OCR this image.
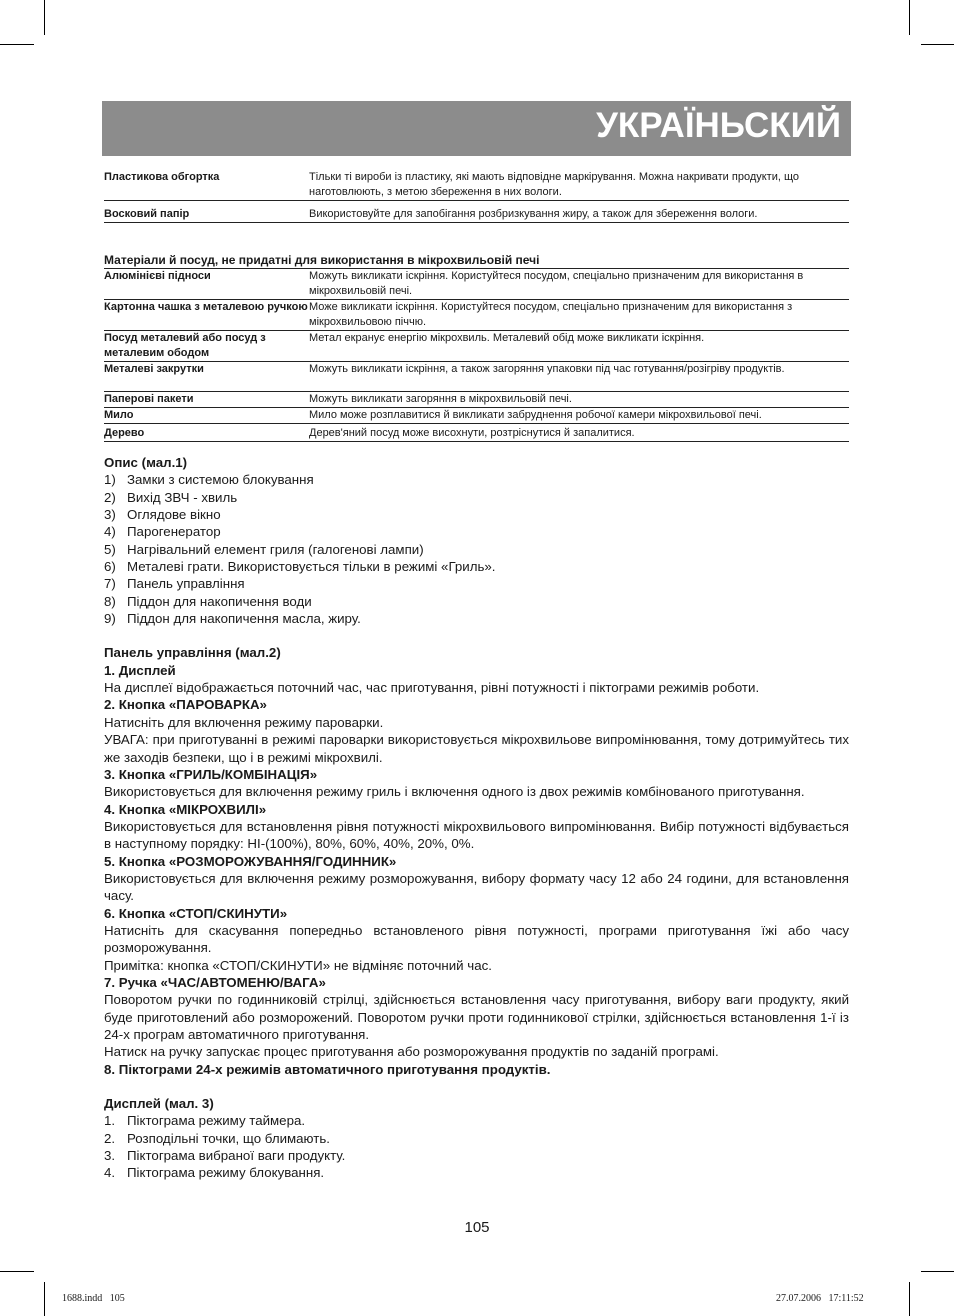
УКРАЇНЬСКИЙ
Пластикова обгортка	Тільки ті вироби із пластику, які мають відповідне маркірування. Можна накривати продукти, що наготовлюють, з метою збереження в них вологи.
Восковий папір	Використовуйте для запобігання розбризкування жиру, а також для збереження вологи.
Матеріали й посуд, не придатні для використання в мікрохвильовій печі
Алюмінієві підноси	Можуть викликати іскріння. Користуйтеся посудом, спеціально призначеним для використання в мікрохвильовій печі.
Картонна чашка з металевою ручкою	Може викликати іскріння. Користуйтеся посудом, спеціально призначеним для використання з мікрохвильовою піччю.
Посуд металевий або посуд з металевим ободом	Метал екранує енергію мікрохвиль. Металевий обід може викликати іскріння.
Металеві закрутки	Можуть викликати іскріння, а також загоряння упаковки під час готування/розігріву продуктів.
Паперові пакети	Можуть викликати загоряння в мікрохвильовій печі.
Мило	Мило може розплавитися й викликати забруднення робочої камери мікрохвильової печі.
Дерево	Дерев'яний посуд може висохнути, розтріснутися й запалитися.
Опис (мал.1)
1) Замки з системою блокування
2) Вихід ЗВЧ - хвиль
3) Оглядове вікно
4) Парогенератор
5) Нагрівальний елемент гриля (галогенові лампи)
6) Металеві грати. Використовується тільки в режимі «Гриль».
7) Панель управління
8) Піддон для накопичення води
9) Піддон для накопичення масла, жиру.
Панель управління (мал.2)
1. Дисплей
На дисплеї відображається поточний час, час приготування, рівні потужності і піктограми режимів роботи.
2. Кнопка «ПАРОВАРКА»
Натисніть для включення режиму пароварки.
УВАГА: при приготуванні в режимі пароварки використовується мікрохвильове випромінювання, тому дотримуйтесь тих же заходів безпеки, що і в режимі мікрохвилі.
3. Кнопка «ГРИЛЬ/КОМБІНАЦІЯ»
Використовується для включення режиму гриль і включення одного із двох режимів комбінованого приготування.
4. Кнопка «МІКРОХВИЛІ»
Використовується для встановлення рівня потужності мікрохвильового випромінювання. Вибір потужності відбувається в наступному порядку: HI-(100%), 80%, 60%, 40%, 20%, 0%.
5. Кнопка «РОЗМОРОЖУВАННЯ/ГОДИННИК»
Використовується для включення режиму розморожування, вибору формату часу 12 або 24 години, для встановлення часу.
6. Кнопка «СТОП/СКИНУТИ»
Натисніть для скасування попередньо встановленого рівня потужності, програми приготування їжі або часу розморожування.
Примітка: кнопка «СТОП/СКИНУТИ» не відміняє поточний час.
7. Ручка «ЧАС/АВТОМЕНЮ/ВАГА»
Поворотом ручки по годинниковій стрілці, здійснюється встановлення часу приготування, вибору ваги продукту, який буде приготовлений або розморожений. Поворотом ручки проти годинникової стрілки, здійснюється встановлення 1-ї із 24-х програм автоматичного приготування.
Натиск на ручку запускає процес приготування або розморожування продуктів по заданій програмі.
8. Піктограми 24-х режимів автоматичного приготування продуктів.
Дисплей (мал. 3)
1. Піктограма режиму таймера.
2. Розподільні точки, що блимають.
3. Піктограма вибраної ваги продукту.
4. Піктограма режиму блокування.
105
1688.indd   105	27.07.2006   17:11:52
